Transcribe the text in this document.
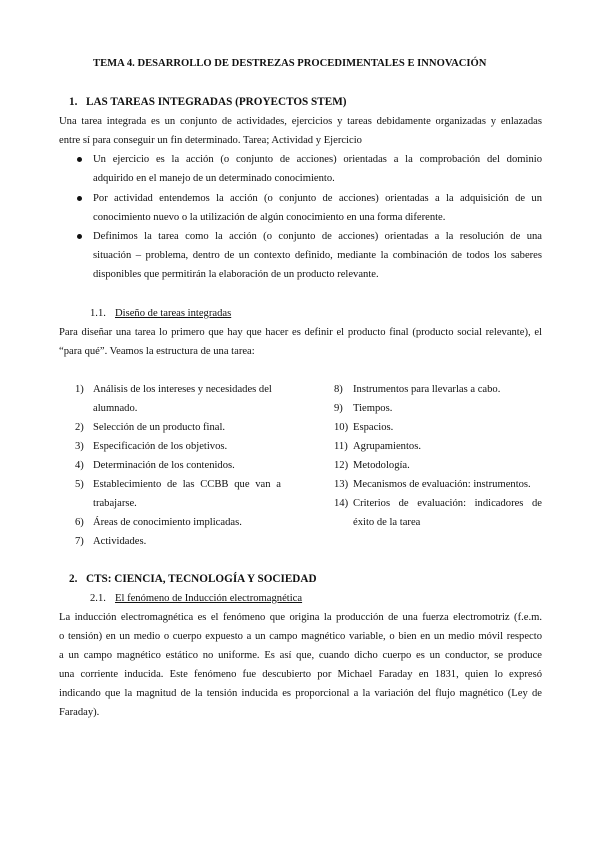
TEMA 4. DESARROLLO DE DESTREZAS PROCEDIMENTALES E INNOVACIÓN
1. LAS TAREAS INTEGRADAS (PROYECTOS STEM)
Una tarea integrada es un conjunto de actividades, ejercicios y tareas debidamente organizadas y enlazadas
entre sí para conseguir un fin determinado. Tarea; Actividad y Ejercicio
Un ejercicio es la acción (o conjunto de acciones) orientadas a la comprobación del dominio
adquirido en el manejo de un determinado conocimiento.
Por actividad entendemos la acción (o conjunto de acciones) orientadas a la adquisición de un
conocimiento nuevo o la utilización de algún conocimiento en una forma diferente.
Definimos la tarea como la acción (o conjunto de acciones) orientadas a la resolución de una
situación – problema, dentro de un contexto definido, mediante la combinación de todos los saberes
disponibles que permitirán la elaboración de un producto relevante.
1.1. Diseño de tareas integradas
Para diseñar una tarea lo primero que hay que hacer es definir el producto final (producto social relevante), el
“para qué”. Veamos la estructura de una tarea:
1) Análisis de los intereses y necesidades del
alumnado.
2) Selección de un producto final.
3) Especificación de los objetivos.
4) Determinación de los contenidos.
5) Establecimiento de las CCBB que van a
trabajarse.
6) Áreas de conocimiento implicadas.
7) Actividades.
8) Instrumentos para llevarlas a cabo.
9) Tiempos.
10) Espacios.
11) Agrupamientos.
12) Metodología.
13) Mecanismos de evaluación: instrumentos.
14) Criterios de evaluación: indicadores de
éxito de la tarea
2. CTS: CIENCIA, TECNOLOGÍA Y SOCIEDAD
2.1. El fenómeno de Inducción electromagnética
La inducción electromagnética es el fenómeno que origina la producción de una fuerza electromotriz (f.e.m.
o tensión) en un medio o cuerpo expuesto a un campo magnético variable, o bien en un medio móvil respecto
a un campo magnético estático no uniforme. Es así que, cuando dicho cuerpo es un conductor, se produce
una corriente inducida. Este fenómeno fue descubierto por Michael Faraday en 1831, quien lo expresó
indicando que la magnitud de la tensión inducida es proporcional a la variación del flujo magnético (Ley de
Faraday).
